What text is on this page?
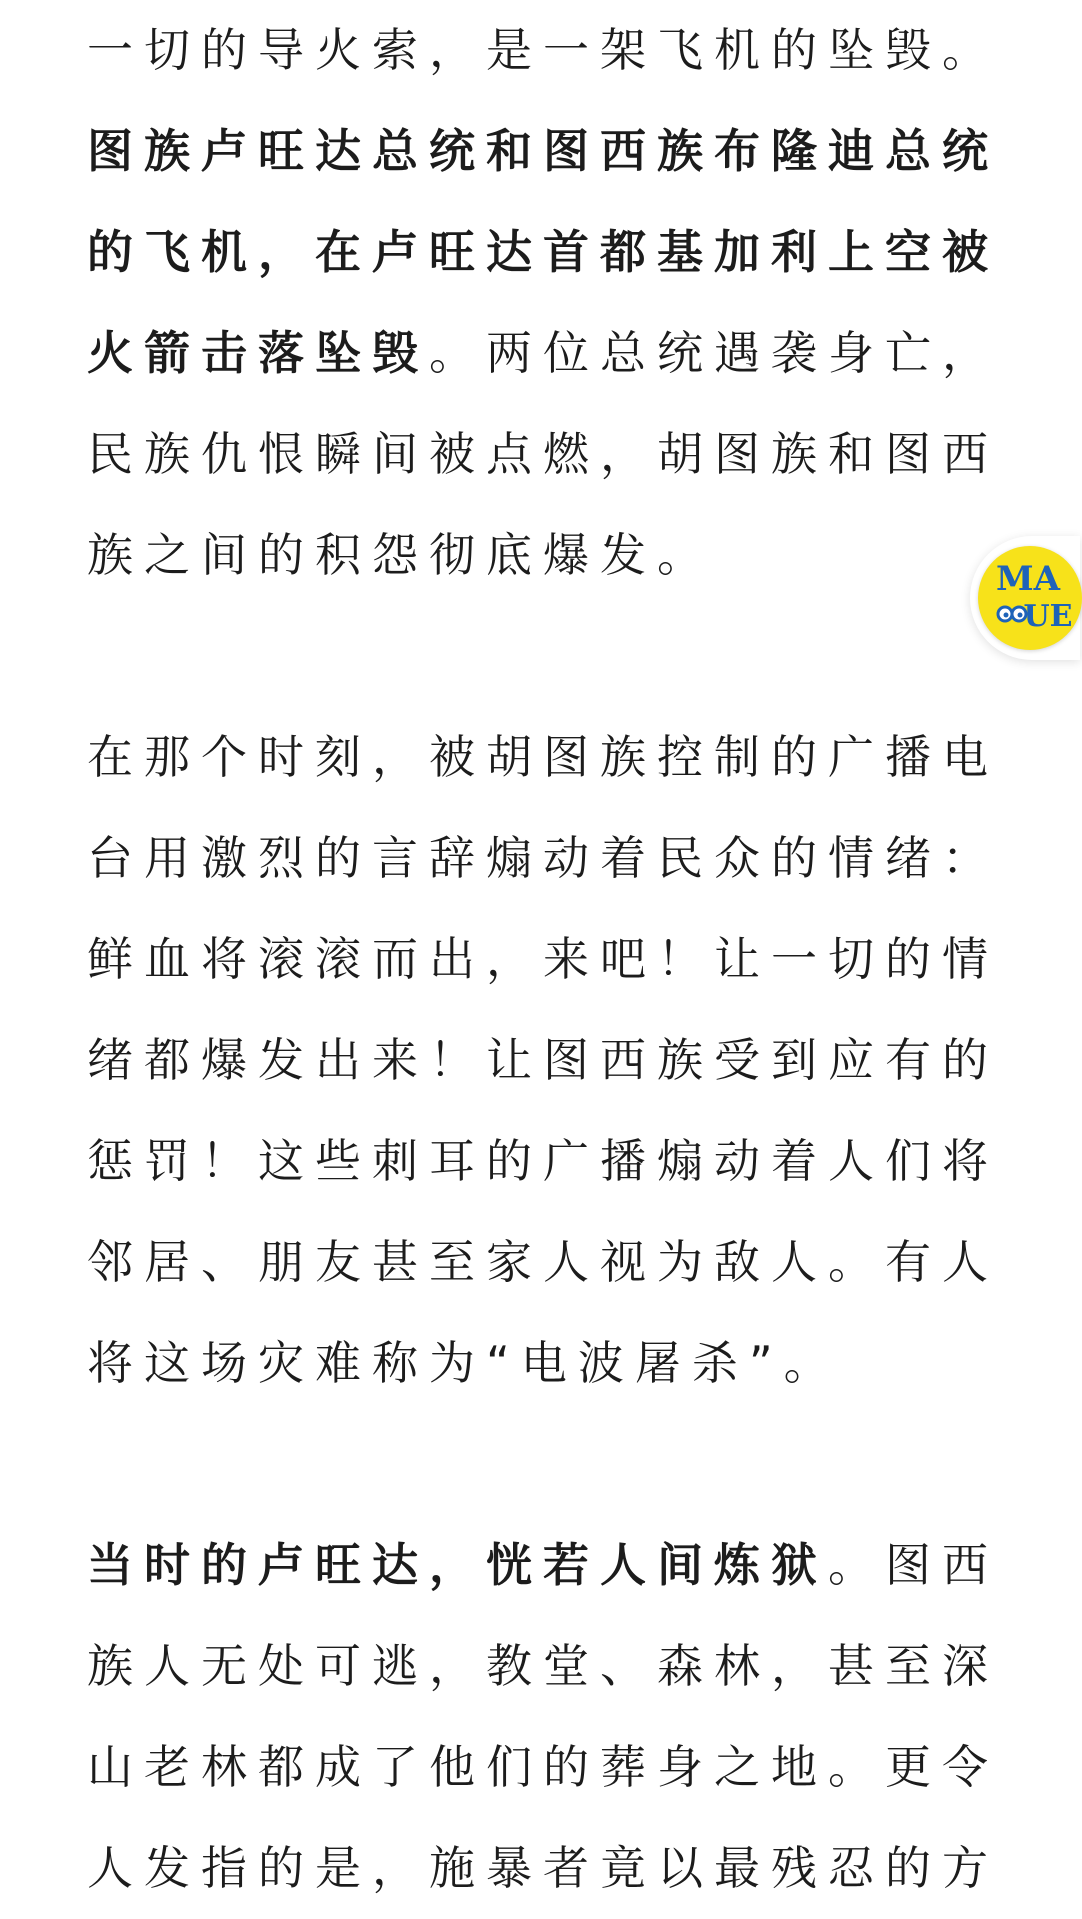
一切的导火索，是一架飞机的坠毁。
图族卢旺达总统和图西族布隆迪总统
的飞机，在卢旺达首都基加利上空被
火箭击落坠毁。两位总统遇袭身亡，
民族仇恨瞬间被点燃，胡图族和图西
族之间的积怨彻底爆发。
在那个时刻，被胡图族控制的广播电
台用激烈的言辞煽动着民众的情绪：
鲜血将滚滚而出，来吧！让一切的情
绪都爆发出来！让图西族受到应有的
惩罚！这些刺耳的广播煽动着人们将
邻居、朋友甚至家人视为敌人。有人
将这场灾难称为“电波屠杀”。
当时的卢旺达，恍若人间炼狱。图西
族人无处可逃，教堂、森林，甚至深
山老林都成了他们的葬身之地。更令
人发指的是，施暴者竟以最残忍的方
MA
UE
